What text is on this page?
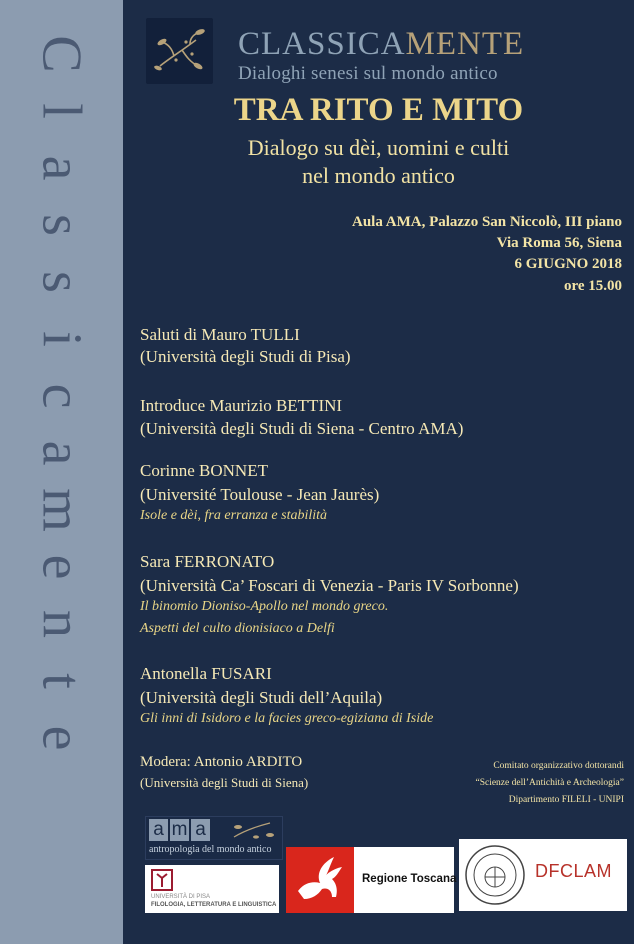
C
l
a
s
s
i
c
a
m
e
n
t
e
CLASSICAMENTE
Dialoghi senesi sul mondo antico
TRA RITO E MITO
Dialogo su dèi, uomini e culti
nel mondo antico
Aula AMA, Palazzo San Niccolò, III piano
Via Roma 56, Siena
6 GIUGNO 2018
ore 15.00
Saluti di Mauro TULLI
(Università degli Studi di Pisa)
Introduce Maurizio BETTINI
(Università degli Studi di Siena - Centro AMA)
Corinne BONNET
(Université Toulouse - Jean Jaurès)
Isole e dèi, fra erranza e stabilità
Sara FERRONATO
(Università Ca’ Foscari di Venezia - Paris IV Sorbonne)
Il binomio Dioniso-Apollo nel mondo greco.
Aspetti del culto dionisiaco a Delfi
Antonella FUSARI
(Università degli Studi dell’Aquila)
Gli inni di Isidoro e la facies greco-egiziana di Iside
Modera: Antonio ARDITO
(Università degli Studi di Siena)
Comitato organizzativo dottorandi
“Scienze dell’Antichità e Archeologia”
Dipartimento FILELI - UNIPI
a m a
antropologia del mondo antico
UNIVERSITÀ DI PISA
FILOLOGIA, LETTERATURA E LINGUISTICA
Regione Toscana	DFCLAM
